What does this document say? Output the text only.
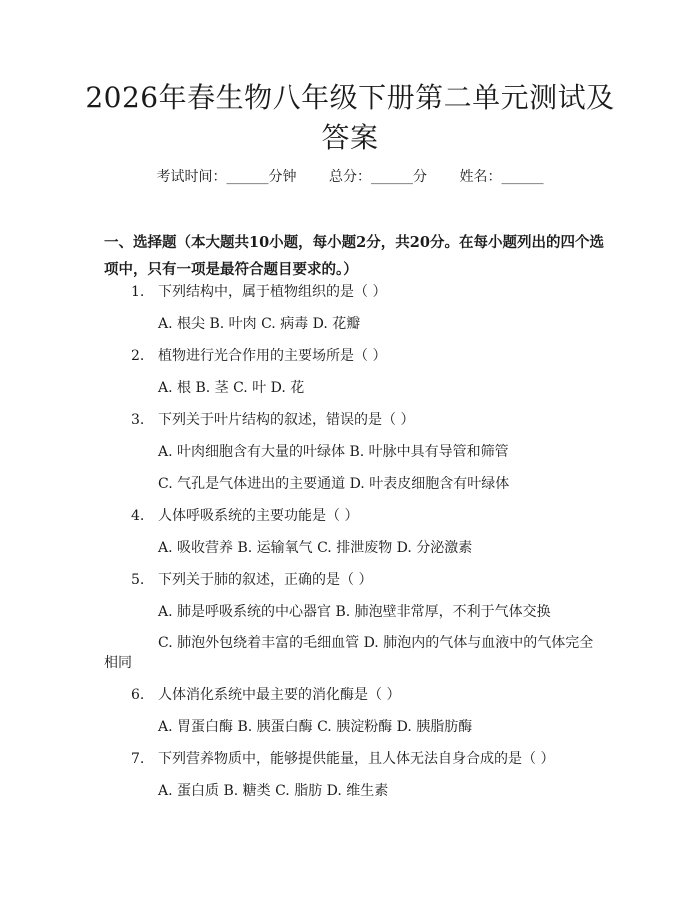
2026年春生物八年级下册第二单元测试及答案
考试时间：______分钟 总分：______分 姓名：______
一、选择题（本大题共10小题，每小题2分，共20分。在每小题列出的四个选项中，只有一项是最符合题目要求的。）
1. 下列结构中，属于植物组织的是（ ）
A. 根尖 B. 叶肉 C. 病毒 D. 花瓣
2. 植物进行光合作用的主要场所是（ ）
A. 根 B. 茎 C. 叶 D. 花
3. 下列关于叶片结构的叙述，错误的是（ ）
A. 叶肉细胞含有大量的叶绿体 B. 叶脉中具有导管和筛管
C. 气孔是气体进出的主要通道 D. 叶表皮细胞含有叶绿体
4. 人体呼吸系统的主要功能是（ ）
A. 吸收营养 B. 运输氧气 C. 排泄废物 D. 分泌激素
5. 下列关于肺的叙述，正确的是（ ）
A. 肺是呼吸系统的中心器官 B. 肺泡壁非常厚，不利于气体交换
C. 肺泡外包绕着丰富的毛细血管 D. 肺泡内的气体与血液中的气体完全
相同
6. 人体消化系统中最主要的消化酶是（ ）
A. 胃蛋白酶 B. 胰蛋白酶 C. 胰淀粉酶 D. 胰脂肪酶
7. 下列营养物质中，能够提供能量，且人体无法自身合成的是（ ）
A. 蛋白质 B. 糖类 C. 脂肪 D. 维生素
